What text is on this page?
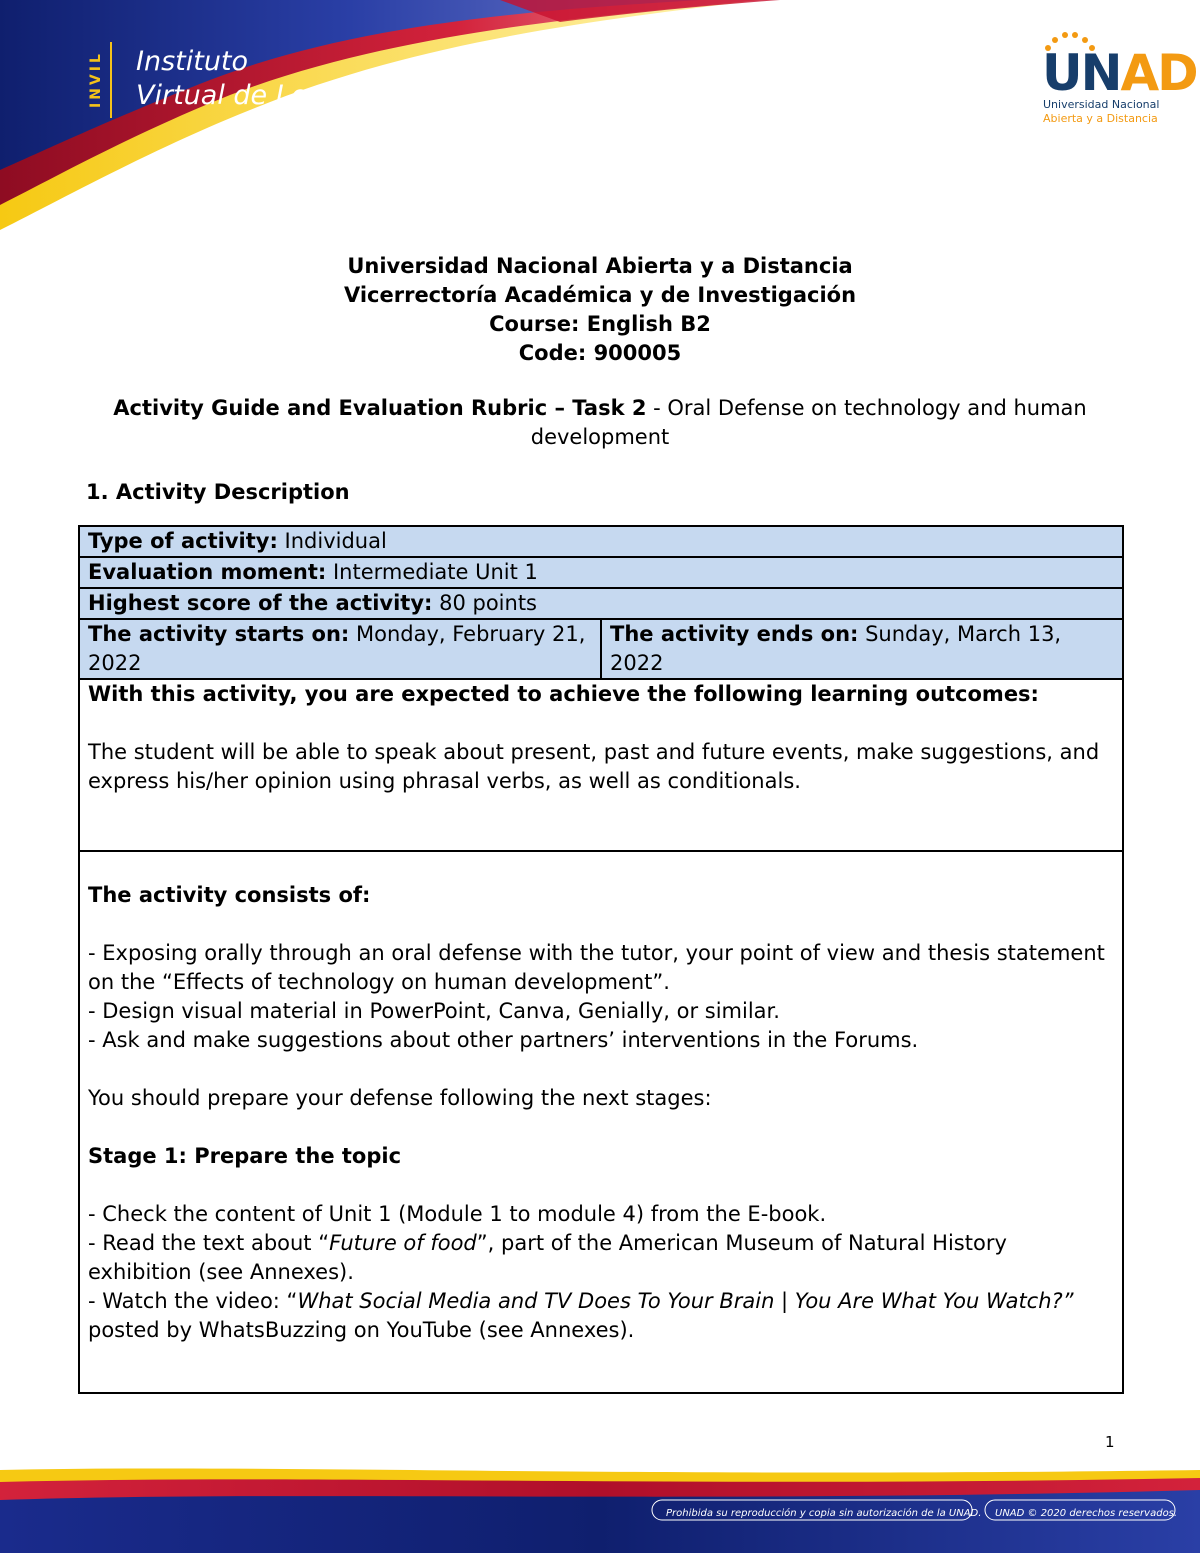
INVIL Instituto
Virtual de Lenguas	UNAD
Universidad Nacional
Abierta y a Distancia
Universidad Nacional Abierta y a Distancia
Vicerrectoría Académica y de Investigación
Course: English B2
Code: 900005
Activity Guide and Evaluation Rubric – Task 2 - Oral Defense on technology and human development
1. Activity Description
Type of activity: Individual
Evaluation moment: Intermediate Unit 1
Highest score of the activity: 80 points
The activity starts on: Monday, February 21, 2022	The activity ends on: Sunday, March 13, 2022

With this activity, you are expected to achieve the following learning outcomes:

The student will be able to speak about present, past and future events, make suggestions, and express his/her opinion using phrasal verbs, as well as conditionals.

The activity consists of:

- Exposing orally through an oral defense with the tutor, your point of view and thesis statement on the “Effects of technology on human development”.

- Design visual material in PowerPoint, Canva, Genially, or similar.

- Ask and make suggestions about other partners’ interventions in the Forums.

You should prepare your defense following the next stages:

Stage 1: Prepare the topic

- Check the content of Unit 1 (Module 1 to module 4) from the E-book.

- Read the text about “Future of food”, part of the American Museum of Natural History exhibition (see Annexes).

- Watch the video: “What Social Media and TV Does To Your Brain | You Are What You Watch?” posted by WhatsBuzzing on YouTube (see Annexes).

1
Prohibida su reproducción y copia sin autorización de la UNAD. UNAD © 2020 derechos reservados.
